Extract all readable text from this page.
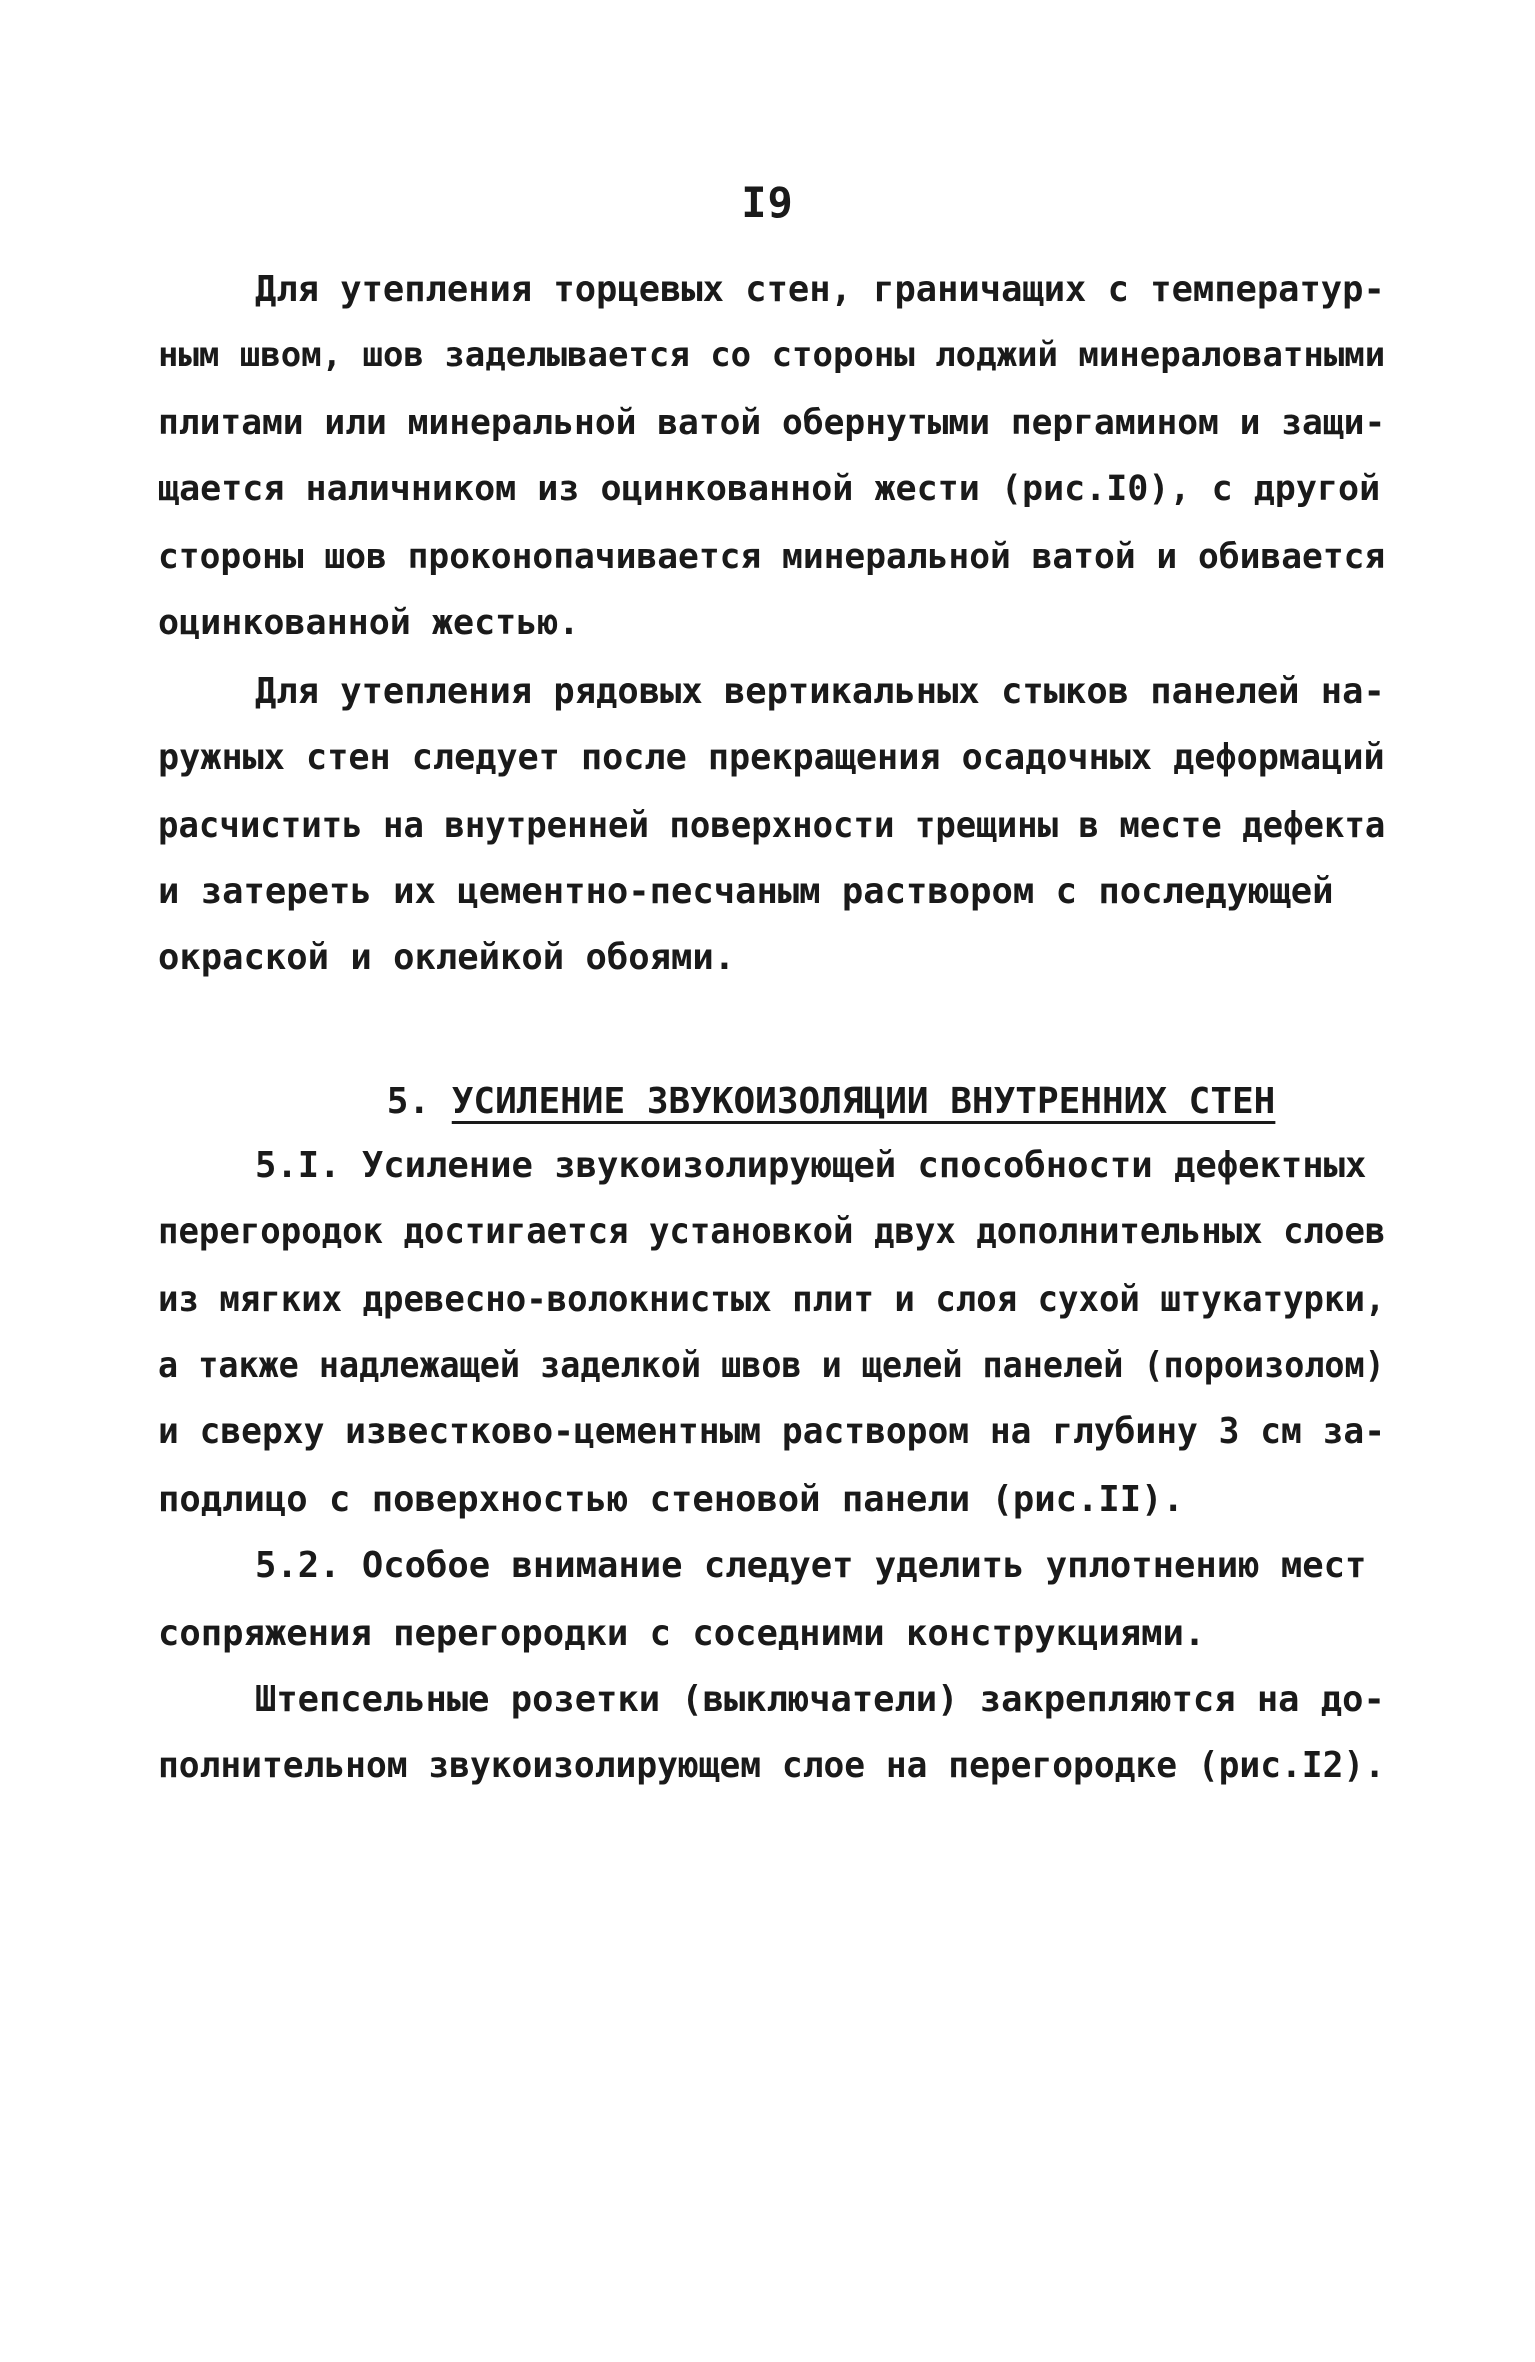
I9
Для утепления торцевых стен, граничащих с температур-
ным швом, шов заделывается со стороны лоджий минераловатными
плитами или минеральной ватой обернутыми пергамином и защи-
щается наличником из оцинкованной жести (рис.I0), с другой
стороны шов проконопачивается минеральной ватой и обивается
оцинкованной жестью.
Для утепления рядовых вертикальных стыков панелей на-
ружных стен следует после прекращения осадочных деформаций
расчистить на внутренней поверхности трещины в месте дефекта
и затереть их цементно-песчаным раствором с последующей
окраской и оклейкой обоями.

5. УСИЛЕНИЕ ЗВУКОИЗОЛЯЦИИ ВНУТРЕННИХ СТЕН

5.I. Усиление звукоизолирующей способности дефектных
перегородок достигается установкой двух дополнительных слоев
из мягких древесно-волокнистых плит и слоя сухой штукатурки,
а также надлежащей заделкой швов и щелей панелей (пороизолом)
и сверху известково-цементным раствором на глубину 3 см за-
подлицо с поверхностью стеновой панели (рис.II).
5.2. Особое внимание следует уделить уплотнению мест
сопряжения перегородки с соседними конструкциями.
Штепсельные розетки (выключатели) закрепляются на до-
полнительном звукоизолирующем слое на перегородке (рис.I2).
